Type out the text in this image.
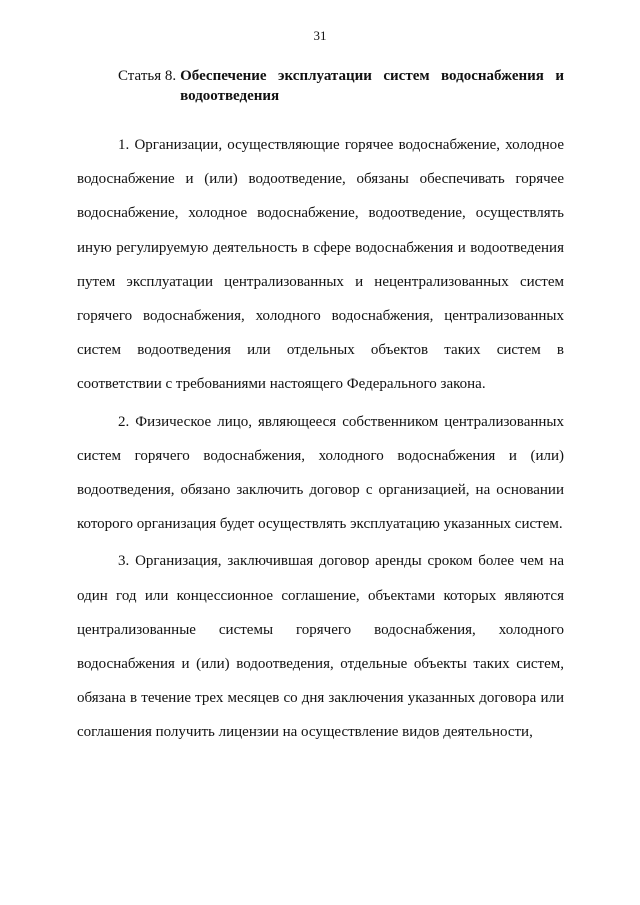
31
Статья 8. Обеспечение эксплуатации систем водоснабжения и водоотведения

1. Организации, осуществляющие горячее водоснабжение, холодное водоснабжение и (или) водоотведение, обязаны обеспечивать горячее водоснабжение, холодное водоснабжение, водоотведение, осуществлять иную регулируемую деятельность в сфере водоснабжения и водоотведения путем эксплуатации централизованных и нецентрализованных систем горячего водоснабжения, холодного водоснабжения, централизованных систем водоотведения или отдельных объектов таких систем в соответствии с требованиями настоящего Федерального закона.

2. Физическое лицо, являющееся собственником централизованных систем горячего водоснабжения, холодного водоснабжения и (или) водоотведения, обязано заключить договор с организацией, на основании которого организация будет осуществлять эксплуатацию указанных систем.

3. Организация, заключившая договор аренды сроком более чем на один год или концессионное соглашение, объектами которых являются централизованные системы горячего водоснабжения, холодного водоснабжения и (или) водоотведения, отдельные объекты таких систем, обязана в течение трех месяцев со дня заключения указанных договора или соглашения получить лицензии на осуществление видов деятельности,
